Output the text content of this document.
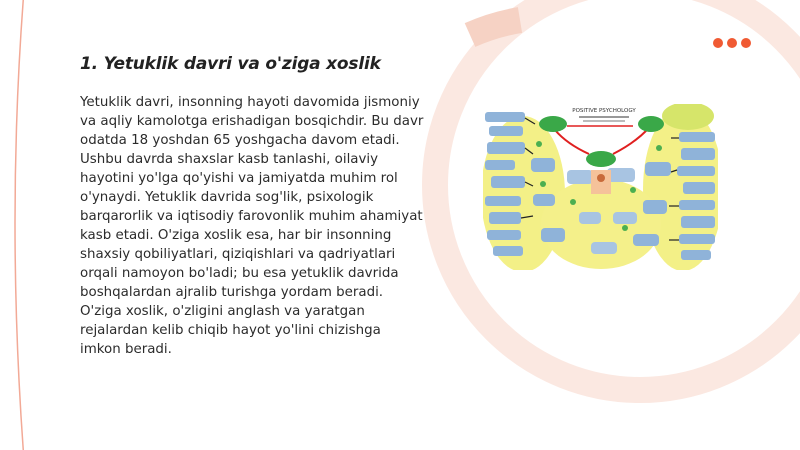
1. Yetuklik davri va o'ziga xoslik

Yetuklik davri, insonning hayoti davomida jismoniy va aqliy kamolotga erishadigan bosqichdir. Bu davr odatda 18 yoshdan 65 yoshgacha davom etadi. Ushbu davrda shaxslar kasb tanlashi, oilaviy hayotini yo'lga qo'yishi va jamiyatda muhim rol o'ynaydi. Yetuklik davrida sog'lik, psixologik barqarorlik va iqtisodiy farovonlik muhim ahamiyat kasb etadi. O'ziga xoslik esa, har bir insonning shaxsiy qobiliyatlari, qiziqishlari va qadriyatlari orqali namoyon bo'ladi; bu esa yetuklik davrida boshqalardan ajralib turishga yordam beradi. O'ziga xoslik, o'zligini anglash va yaratgan rejalardan kelib chiqib hayot yo'lini chizishga imkon beradi.

POSITIVE PSYCHOLOGY
